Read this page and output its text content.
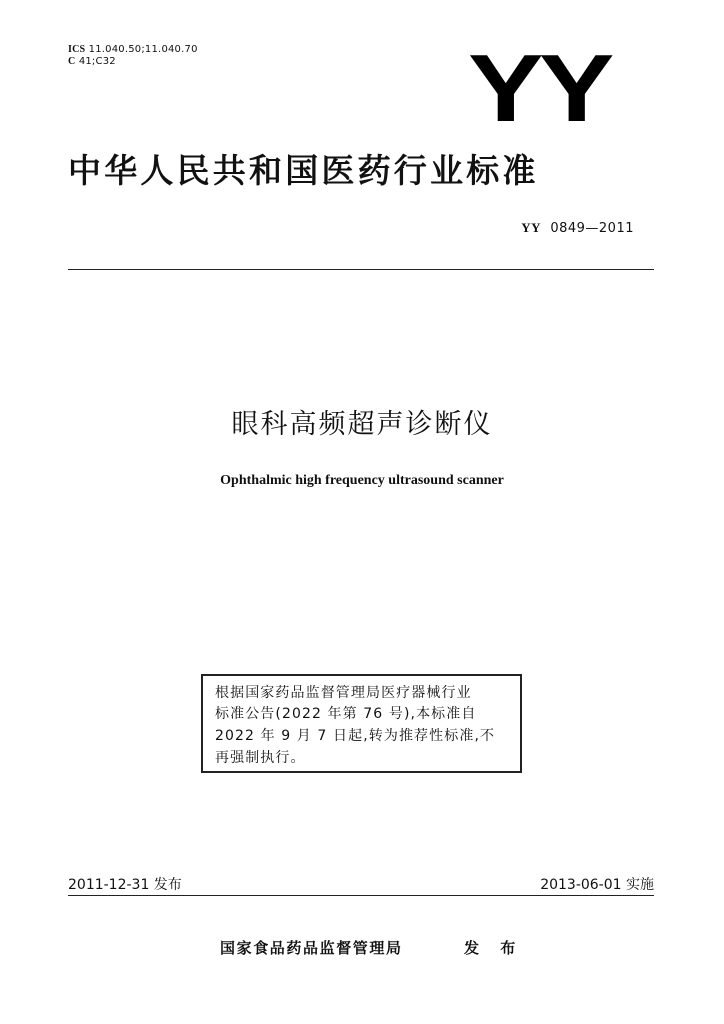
ICS 11.040.50;11.040.70
C 41;C32	YY
中华人民共和国医药行业标准
YY 0849—2011
眼科高频超声诊断仪
Ophthalmic high frequency ultrasound scanner
根据国家药品监督管理局医疗器械行业
标准公告(2022 年第 76 号),本标准自
2022 年 9 月 7 日起,转为推荐性标准,不
再强制执行。
2011-12-31 发布	2013-06-01 实施
国家食品药品监督管理局	发 布
